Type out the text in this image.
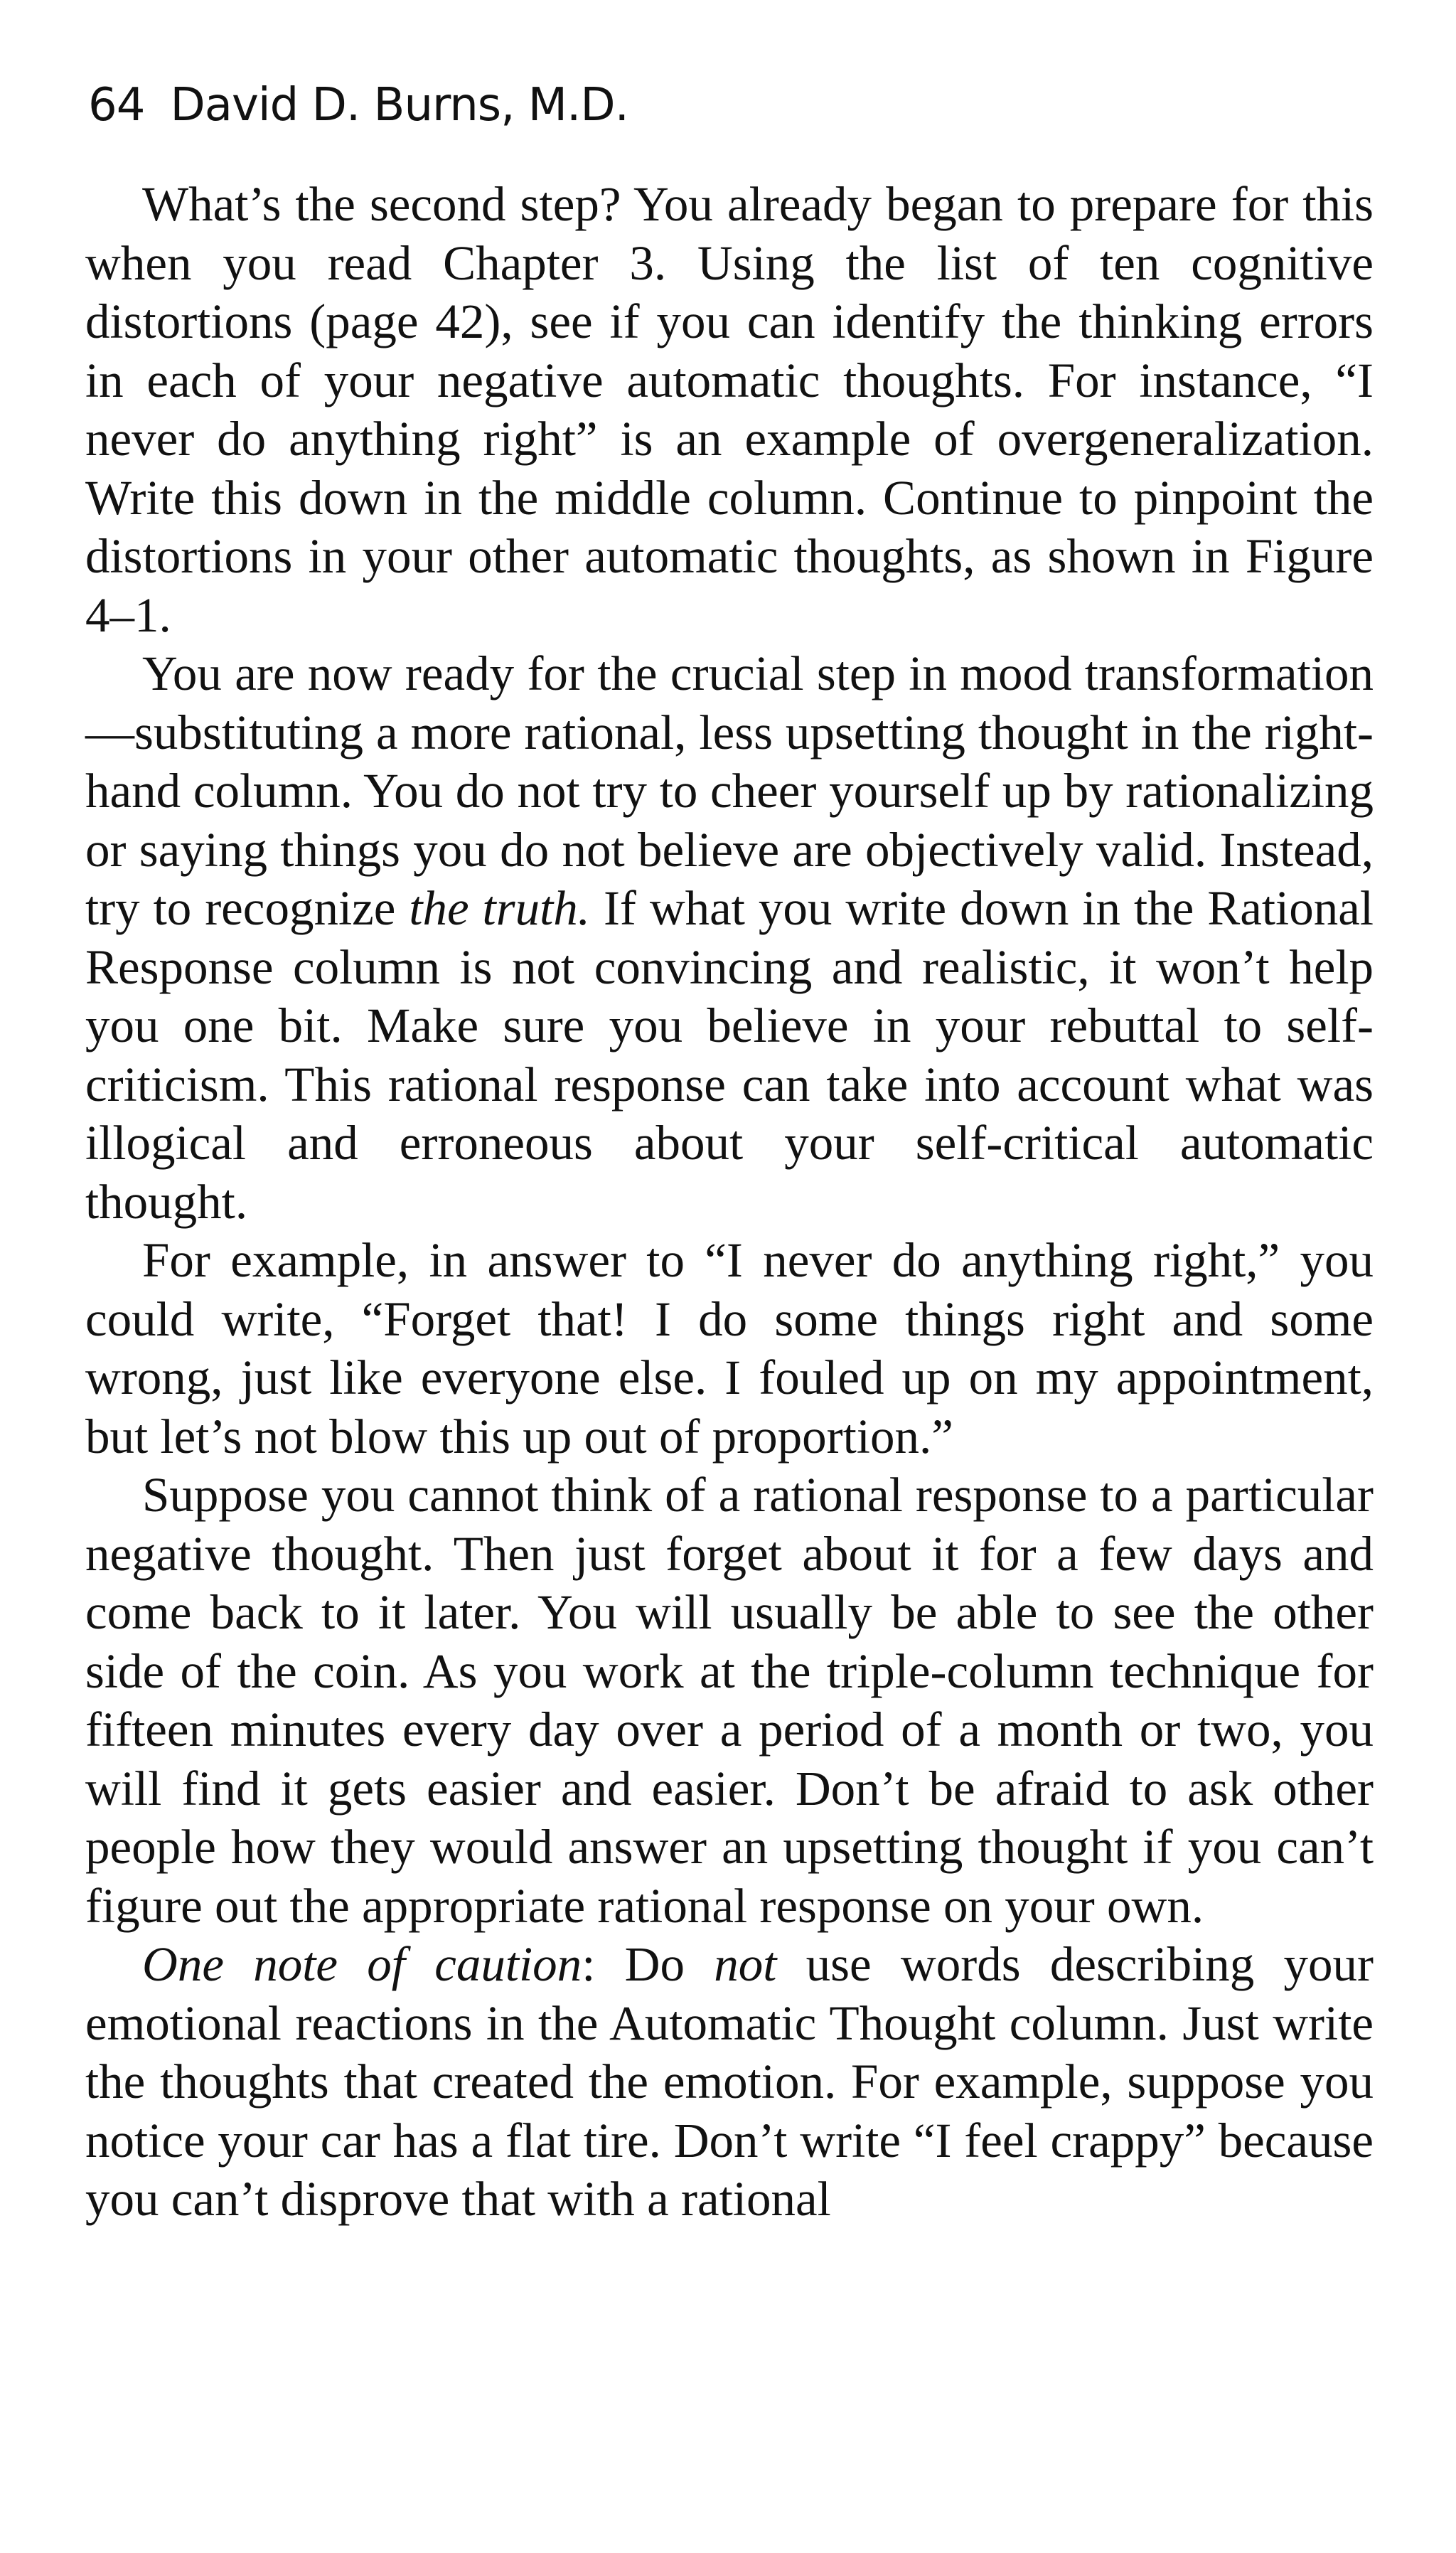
64 David D. Burns, M.D.

What’s the second step? You already began to prepare for this when you read Chapter 3. Using the list of ten cognitive distortions (page 42), see if you can identify the thinking errors in each of your negative automatic thoughts. For instance, “I never do anything right” is an example of overgeneralization. Write this down in the middle column. Continue to pinpoint the distortions in your other automatic thoughts, as shown in Figure 4–1.

You are now ready for the crucial step in mood transformation—substituting a more rational, less upsetting thought in the right-hand column. You do not try to cheer yourself up by rationalizing or saying things you do not believe are objectively valid. Instead, try to recognize the truth. If what you write down in the Rational Response column is not convincing and realistic, it won’t help you one bit. Make sure you believe in your rebuttal to self-criticism. This rational response can take into account what was illogical and erroneous about your self-critical automatic thought.

For example, in answer to “I never do anything right,” you could write, “Forget that! I do some things right and some wrong, just like everyone else. I fouled up on my appointment, but let’s not blow this up out of proportion.”

Suppose you cannot think of a rational response to a particular negative thought. Then just forget about it for a few days and come back to it later. You will usually be able to see the other side of the coin. As you work at the triple-column technique for fifteen minutes every day over a period of a month or two, you will find it gets easier and easier. Don’t be afraid to ask other people how they would answer an upsetting thought if you can’t figure out the appropriate rational response on your own.

One note of caution: Do not use words describing your emotional reactions in the Automatic Thought column. Just write the thoughts that created the emotion. For example, suppose you notice your car has a flat tire. Don’t write “I feel crappy” because you can’t disprove that with a rational
